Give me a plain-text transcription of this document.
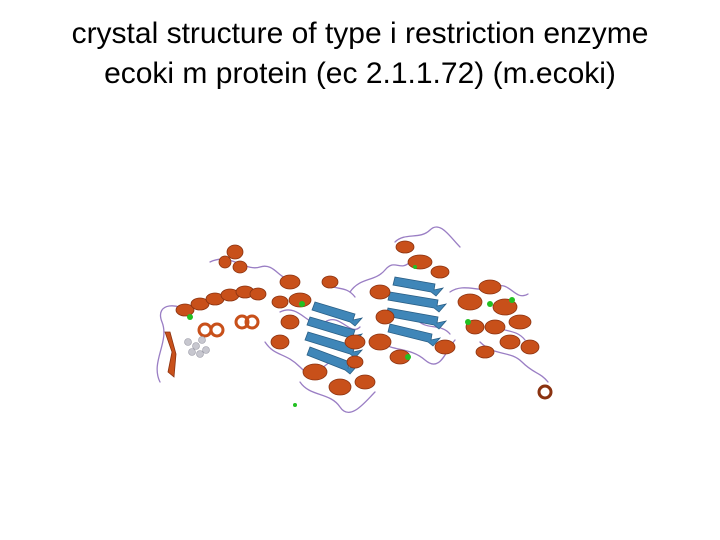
crystal structure of type i restriction enzyme
ecoki m protein (ec 2.1.1.72) (m.ecoki)
